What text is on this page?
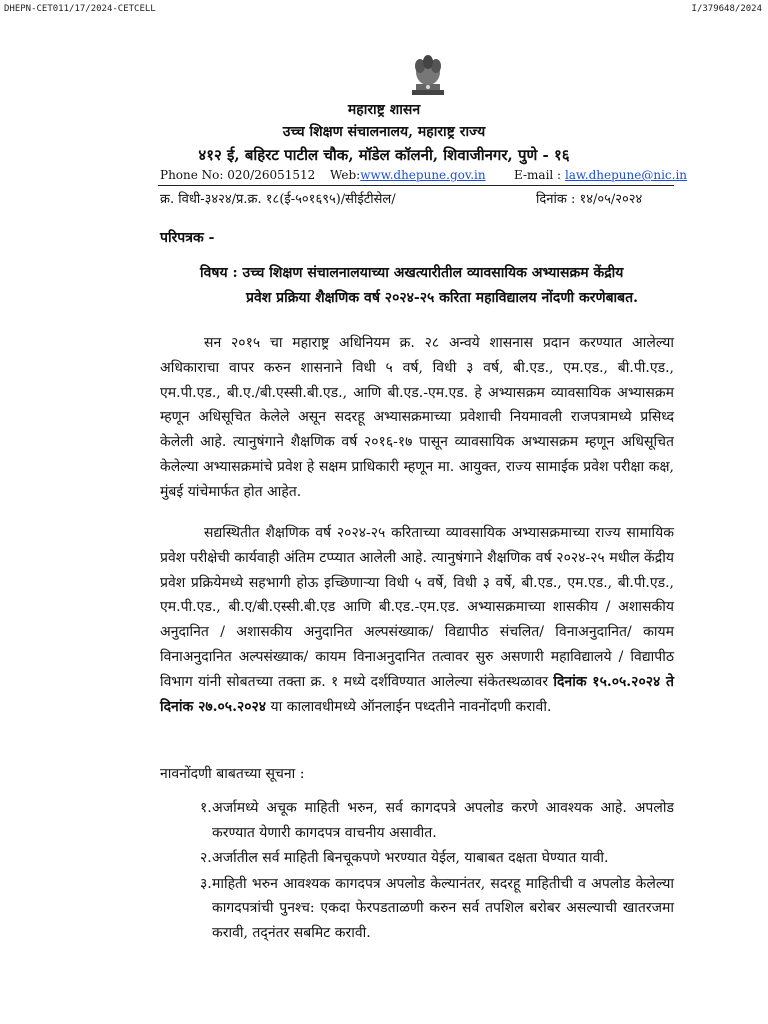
DHEPN-CET011/17/2024-CETCELL	I/379648/2024
महाराष्ट्र शासन
उच्च शिक्षण संचालनालय, महाराष्ट्र राज्य
४१२ ई, बहिरट पाटील चौक, मॉडेल कॉलनी, शिवाजीनगर, पुणे - १६
Phone No: 020/26051512 Web:www.dhepune.gov.in E-mail : law.dhepune@nic.in
क्र. विधी-३४२४/प्र.क्र. १८(ई-५०१६९५)/सीईटीसेल/	दिनांक : १४/०५/२०२४
परिपत्रक -
विषय : उच्च शिक्षण संचालनालयाच्या अखत्यारीतील व्यावसायिक अभ्यासक्रम केंद्रीय
प्रवेश प्रक्रिया शैक्षणिक वर्ष २०२४-२५ करिता महाविद्यालय नोंदणी करणेबाबत.
सन २०१५ चा महाराष्ट्र अधिनियम क्र. २८ अन्वये शासनास प्रदान करण्यात आलेल्या अधिकाराचा वापर करुन शासनाने विधी ५ वर्ष, विधी ३ वर्ष, बी.एड., एम.एड., बी.पी.एड., एम.पी.एड., बी.ए./बी.एस्सी.बी.एड., आणि बी.एड.-एम.एड. हे अभ्यासक्रम व्यावसायिक अभ्यासक्रम म्हणून अधिसूचित केलेले असून सदरहू अभ्यासक्रमाच्या प्रवेशाची नियमावली राजपत्रामध्ये प्रसिध्द केलेली आहे. त्यानुषंगाने शैक्षणिक वर्ष २०१६-१७ पासून व्यावसायिक अभ्यासक्रम म्हणून अधिसूचित केलेल्या अभ्यासक्रमांचे प्रवेश हे सक्षम प्राधिकारी म्हणून मा. आयुक्त, राज्य सामाईक प्रवेश परीक्षा कक्ष, मुंबई यांचेमार्फत होत आहेत.
सद्यस्थितीत शैक्षणिक वर्ष २०२४-२५ करिताच्या व्यावसायिक अभ्यासक्रमाच्या राज्य सामायिक प्रवेश परीक्षेची कार्यवाही अंतिम टप्प्यात आलेली आहे. त्यानुषंगाने शैक्षणिक वर्ष २०२४-२५ मधील केंद्रीय प्रवेश प्रक्रियेमध्ये सहभागी होऊ इच्छिणाऱ्या विधी ५ वर्षे, विधी ३ वर्षे, बी.एड., एम.एड., बी.पी.एड., एम.पी.एड., बी.ए/बी.एस्सी.बी.एड आणि बी.एड.-एम.एड. अभ्यासक्रमाच्या शासकीय / अशासकीय अनुदानित / अशासकीय अनुदानित अल्पसंख्याक/ विद्यापीठ संचलित/ विनाअनुदानित/ कायम विनाअनुदानित अल्पसंख्याक/ कायम विनाअनुदानित तत्वावर सुरु असणारी महाविद्यालये / विद्यापीठ विभाग यांनी सोबतच्या तक्ता क्र. १ मध्ये दर्शविण्यात आलेल्या संकेतस्थळावर दिनांक १५.०५.२०२४ ते दिनांक २७.०५.२०२४ या कालावधीमध्ये ऑनलाईन पध्दतीने नावनोंदणी करावी.
नावनोंदणी बाबतच्या सूचना :
१. अर्जामध्ये अचूक माहिती भरुन, सर्व कागदपत्रे अपलोड करणे आवश्यक आहे. अपलोड करण्यात येणारी कागदपत्र वाचनीय असावीत.
२. अर्जातील सर्व माहिती बिनचूकपणे भरण्यात येईल, याबाबत दक्षता घेण्यात यावी.
३. माहिती भरुन आवश्यक कागदपत्र अपलोड केल्यानंतर, सदरहू माहितीची व अपलोड केलेल्या कागदपत्रांची पुनश्च: एकदा फेरपडताळणी करुन सर्व तपशिल बरोबर असल्याची खातरजमा करावी, तद्नंतर सबमिट करावी.
